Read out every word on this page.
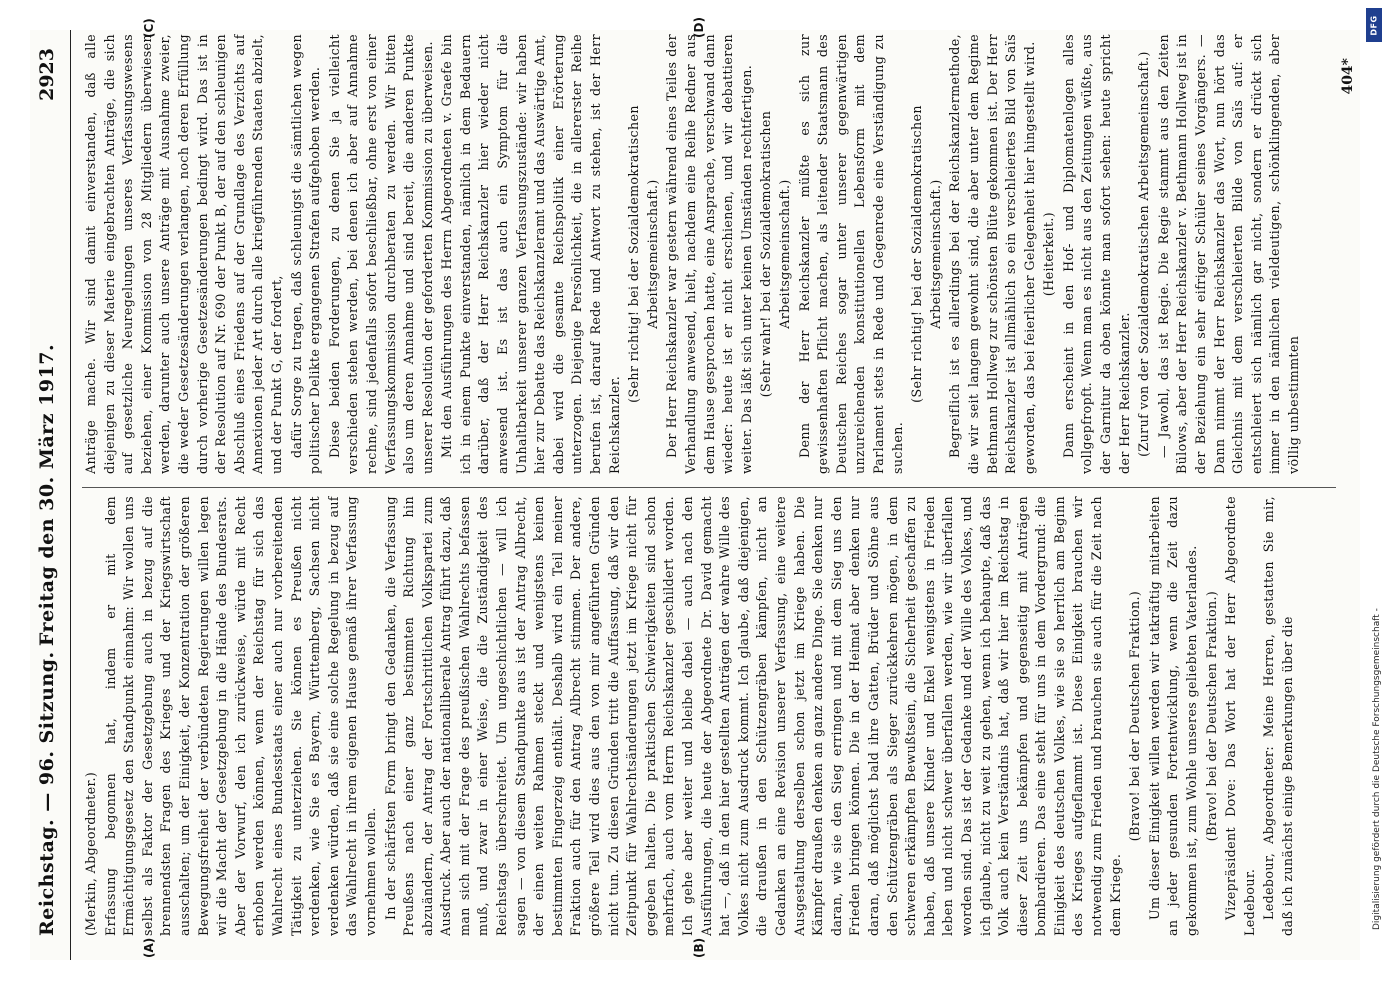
Reichstag. — 96. Sitzung.
Freitag den 30. März 1917.
2923
(A)	(B)
(C)	(D)

(Merkin, Abgeordneter.) Erfassung begonnen hat, indem er mit dem Ermächtigungsgesetz den Standpunkt einnahm: Wir wollen uns selbst als Faktor der Gesetzgebung auch in bezug auf die brennendsten Fragen des Krieges und der Kriegswirtschaft ausschalten; um der Einigkeit, der Konzentration der größeren Bewegungsfreiheit der verbündeten Regierungen willen legen wir die Macht der Gesetzgebung in die Hände des Bundesrats. Aber der Vorwurf, den ich zurückweise, würde mit Recht erhoben werden können, wenn der Reichstag für sich das Wahlrecht eines Bundesstaats einer auch nur vorbereitenden Tätigkeit zu unterziehen. Sie können es Preußen nicht verdenken, wie Sie es Bayern, Württemberg, Sachsen nicht verdenken würden, daß sie eine solche Regelung in bezug auf das Wahlrecht in ihrem eigenen Hause gemäß ihrer Verfassung vornehmen wollen. In der schärfsten Form bringt den Gedanken, die Verfassung Preußens nach einer ganz bestimmten Richtung hin abzuändern, der Antrag der Fortschrittlichen Volkspartei zum Ausdruck. Aber auch der nationalliberale Antrag führt dazu, daß man sich mit der Frage des preußischen Wahlrechts befassen muß, und zwar in einer Weise, die die Zuständigkeit des Reichstags überschreitet. Um ungeschichtlichen — will ich sagen — von diesem Standpunkte aus ist der Antrag Albrecht, der einen weiten Rahmen steckt und wenigstens keinen bestimmten Fingerzeig enthält. Deshalb wird ein Teil meiner Fraktion auch für den Antrag Albrecht stimmen. Der andere, größere Teil wird dies aus den von mir angeführten Gründen nicht tun. Zu diesen Gründen tritt die Auffassung, daß wir den Zeitpunkt für Wahlrechtsänderungen jetzt im Kriege nicht für gegeben halten. Die praktischen Schwierigkeiten sind schon mehrfach, auch vom Herrn Reichskanzler geschildert worden. Ich gehe aber weiter und bleibe dabei — auch nach den Ausführungen, die heute der Abgeordnete Dr. David gemacht hat —, daß in den hier gestellten Anträgen der wahre Wille des Volkes nicht zum Ausdruck kommt. Ich glaube, daß diejenigen, die draußen in den Schützengräben kämpfen, nicht an Gedanken an eine Revision unserer Verfassung, eine weitere Ausgestaltung derselben schon jetzt im Kriege haben. Die Kämpfer draußen denken an ganz andere Dinge. Sie denken nur daran, wie sie den Sieg erringen und mit dem Sieg uns den Frieden bringen können. Die in der Heimat aber denken nur daran, daß möglichst bald ihre Gatten, Brüder und Söhne aus den Schützengräben als Sieger zurückkehren mögen, in dem schweren erkämpften Bewußtsein, die Sicherheit geschaffen zu haben, daß unsere Kinder und Enkel wenigstens in Frieden leben und nicht schwer überfallen werden, wie wir überfallen worden sind. Das ist der Gedanke und der Wille des Volkes, und ich glaube, nicht zu weit zu gehen, wenn ich behaupte, daß das Volk auch kein Verständnis hat, daß wir hier im Reichstag in dieser Zeit uns bekämpfen und gegenseitig mit Anträgen bombardieren. Das eine steht für uns in dem Vordergrund: die Einigkeit des deutschen Volkes, wie sie so herrlich am Beginn des Krieges aufgeflammt ist. Diese Einigkeit brauchen wir notwendig zum Frieden und brauchen sie auch für die Zeit nach dem Kriege.

(Bravo! bei der Deutschen Fraktion.) Um dieser Einigkeit willen werden wir tatkräftig mitarbeiten an jeder gesunden Fortentwicklung, wenn die Zeit dazu gekommen ist, zum Wohle unseres geliebten Vaterlandes. (Bravo! bei der Deutschen Fraktion.) Vizepräsident Dove: Das Wort hat der Herr Abgeordnete Ledebour. Ledebour, Abgeordneter: Meine Herren, gestatten Sie mir, daß ich zunächst einige Bemerkungen über die

Anträge mache. Wir sind damit einverstanden, daß alle diejenigen zu dieser Materie eingebrachten Anträge, die sich auf gesetzliche Neuregelungen unseres Verfassungswesens beziehen, einer Kommission von 28 Mitgliedern überwiesen werden, darunter auch unsere Anträge mit Ausnahme zweier, die weder Gesetzesänderungen verlangen, noch deren Erfüllung durch vorherige Gesetzesänderungen bedingt wird. Das ist in der Resolution auf Nr. 690 der Punkt B, der auf den schleunigen Abschluß eines Friedens auf der Grundlage des Verzichts auf Annexionen jeder Art durch alle kriegführenden Staaten abzielt, und der Punkt G, der fordert, dafür Sorge zu tragen, daß schleunigst die sämtlichen wegen politischer Delikte ergangenen Strafen aufgehoben werden. Diese beiden Forderungen, zu denen Sie ja vielleicht verschieden stehen werden, bei denen ich aber auf Annahme rechne, sind jedenfalls sofort beschließbar, ohne erst von einer Verfassungskommission durchberaten zu werden. Wir bitten also um deren Annahme und sind bereit, die anderen Punkte unserer Resolution der geforderten Kommission zu überweisen. Mit den Ausführungen des Herrn Abgeordneten v. Graefe bin ich in einem Punkte einverstanden, nämlich in dem Bedauern darüber, daß der Herr Reichskanzler hier wieder nicht anwesend ist. Es ist das auch ein Symptom für die Unhaltbarkeit unserer ganzen Verfassungszustände: wir haben hier zur Debatte das Reichskanzleramt und das Auswärtige Amt, dabei wird die gesamte Reichspolitik einer Erörterung unterzogen. Diejenige Persönlichkeit, die in allererster Reihe berufen ist, darauf Rede und Antwort zu stehen, ist der Herr Reichskanzler.

(Sehr richtig! bei der Sozialdemokratischen Arbeitsgemeinschaft.) Der Herr Reichskanzler war gestern während eines Teiles der Verhandlung anwesend, hielt, nachdem eine Reihe Redner aus dem Hause gesprochen hatte, eine Ansprache, verschwand dann wieder: heute ist er nicht erschienen, und wir debattieren weiter. Das läßt sich unter keinen Umständen rechtfertigen. (Sehr wahr! bei der Sozialdemokratischen Arbeitsgemeinschaft.) Denn der Herr Reichskanzler müßte es sich zur gewissenhaften Pflicht machen, als leitender Staatsmann des Deutschen Reiches sogar unter unserer gegenwärtigen unzureichenden konstitutionellen Lebensform mit dem Parlament stets in Rede und Gegenrede eine Verständigung zu suchen.

(Sehr richtig! bei der Sozialdemokratischen Arbeitsgemeinschaft.) Begreiflich ist es allerdings bei der Reichskanzlermethode, die wir seit langem gewohnt sind, die aber unter dem Regime Bethmann Hollweg zur schönsten Blüte gekommen ist. Der Herr Reichskanzler ist allmählich so ein verschleiertes Bild von Saïs geworden, das bei feierlicher Gelegenheit hier hingestellt wird. (Heiterkeit.) Dann erscheint in den Hof- und Diplomatenlogen alles vollgepfropft. Wenn man es nicht aus den Zeitungen wüßte, aus der Garnitur da oben könnte man sofort sehen: heute spricht der Herr Reichskanzler. (Zuruf von der Sozialdemokratischen Arbeitsgemeinschaft.) — Jawohl, das ist Regie. Die Regie stammt aus den Zeiten Bülows, aber der Herr Reichskanzler v. Bethmann Hollweg ist in der Beziehung ein sehr eifriger Schüler seines Vorgängers. — Dann nimmt der Herr Reichskanzler das Wort, nun hört das Gleichnis mit dem verschleierten Bilde von Saïs auf: er entschleiert sich nämlich gar nicht, sondern er drückt sich immer in den nämlichen vieldeutigen, schönklingenden, aber völlig unbestimmten

404*
Digitalisierung gefördert durch die Deutsche Forschungsgemeinschaft -
DFG
